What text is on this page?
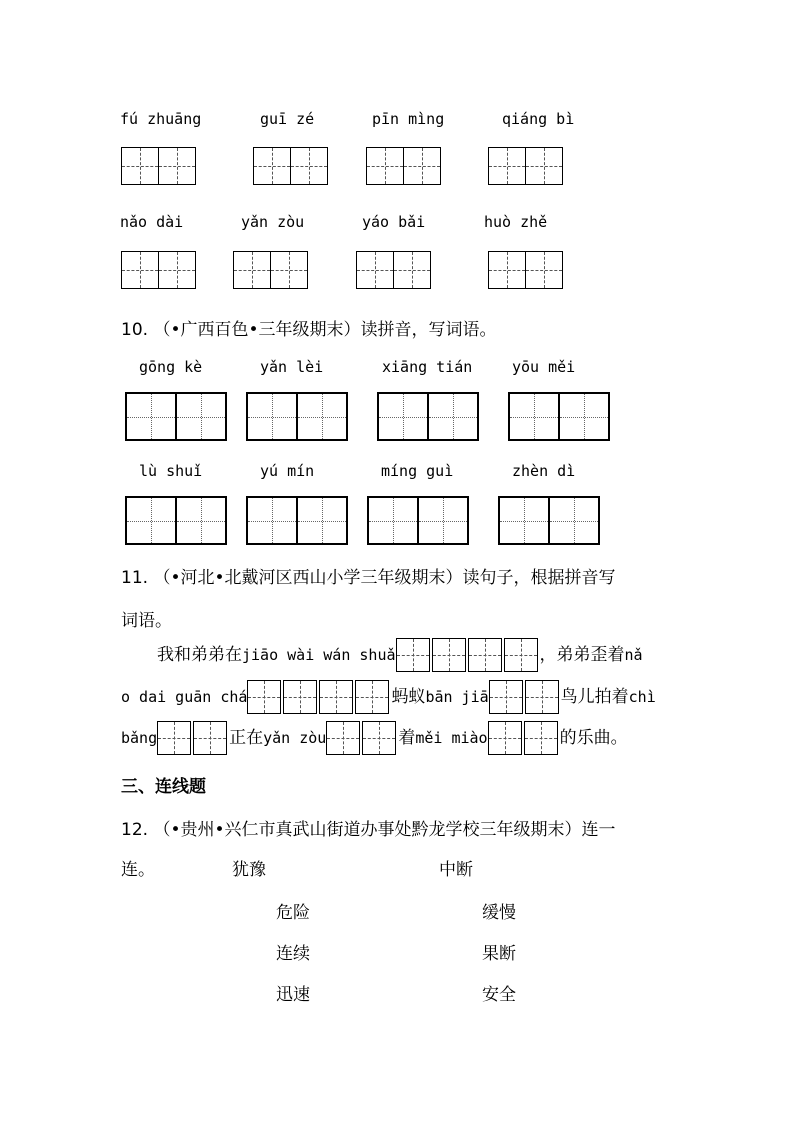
fú zhuāng	guī zé	pīn mìng	qiáng bì
nǎo dài	yǎn zòu	yáo bǎi	huò zhě
10. （•广西百色•三年级期末）读拼音，写词语。
gōng kè	yǎn lèi	xiāng tián	yōu měi
lù shuǐ	yú mín	míng guì	zhèn dì
11. （•河北•北戴河区西山小学三年级期末）读句子，根据拼音写
词语。
我和弟弟在jiāo wài wán shuǎ	，弟弟歪着nǎ
o dai guān chá	蚂蚁bān jiā	鸟儿拍着chì
bǎng	正在yǎn zòu	着měi miào	的乐曲。
三、连线题
12. （•贵州•兴仁市真武山街道办事处黔龙学校三年级期末）连一
连。	犹豫
危险
连续
迅速
中断
缓慢
果断
安全
